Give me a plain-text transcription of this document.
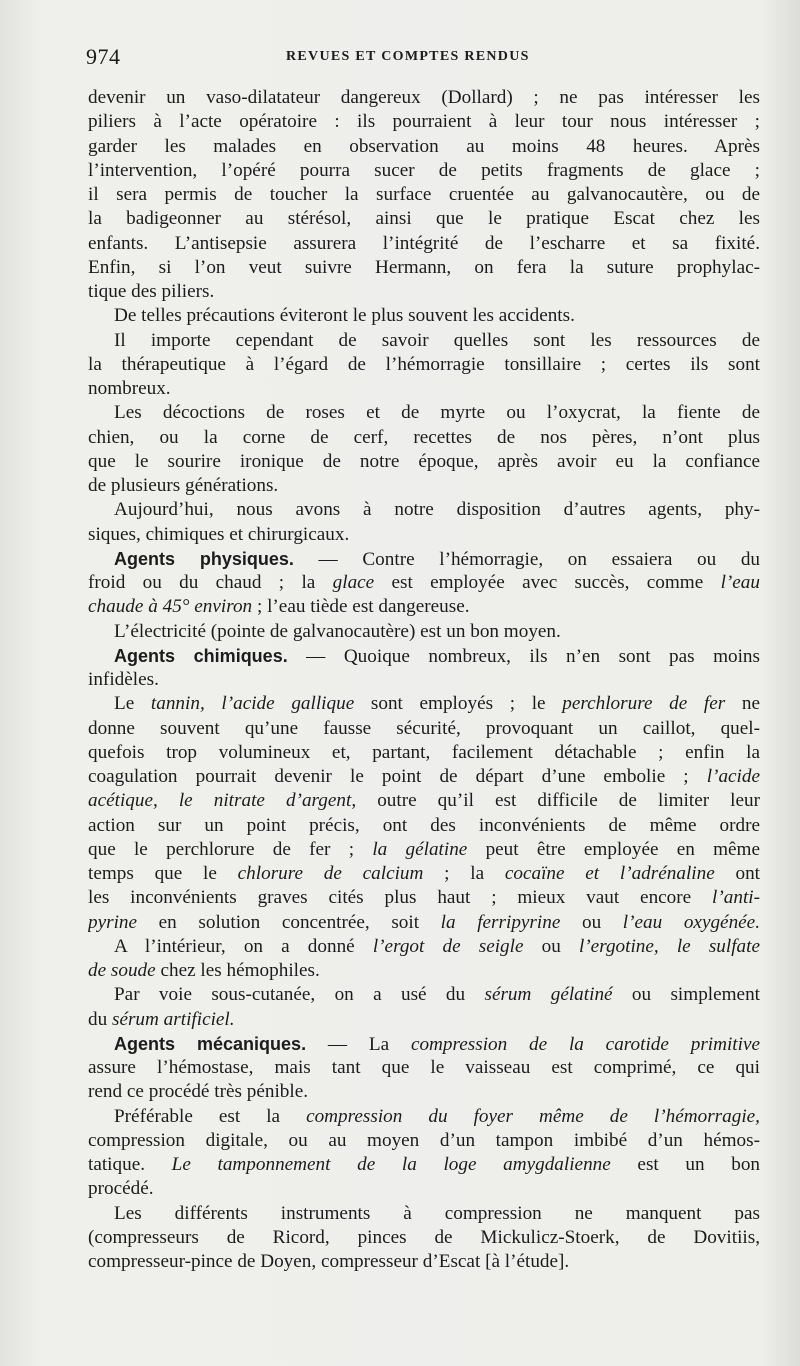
974	REVUES ET COMPTES RENDUS
devenir un vaso-dilatateur dangereux (Dollard) ; ne pas intéresser les
piliers à l’acte opératoire : ils pourraient à leur tour nous intéresser ;
garder les malades en observation au moins 48 heures. Après
l’intervention, l’opéré pourra sucer de petits fragments de glace ;
il sera permis de toucher la surface cruentée au galvanocautère, ou de
la badigeonner au stérésol, ainsi que le pratique Escat chez les
enfants. L’antisepsie assurera l’intégrité de l’escharre et sa fixité.
Enfin, si l’on veut suivre Hermann, on fera la suture prophylac-
tique des piliers.
De telles précautions éviteront le plus souvent les accidents.
Il importe cependant de savoir quelles sont les ressources de
la thérapeutique à l’égard de l’hémorragie tonsillaire ; certes ils sont
nombreux.
Les décoctions de roses et de myrte ou l’oxycrat, la fiente de
chien, ou la corne de cerf, recettes de nos pères, n’ont plus
que le sourire ironique de notre époque, après avoir eu la confiance
de plusieurs générations.
Aujourd’hui, nous avons à notre disposition d’autres agents, phy-
siques, chimiques et chirurgicaux.
Agents physiques. — Contre l’hémorragie, on essaiera ou du
froid ou du chaud ; la glace est employée avec succès, comme l’eau
chaude à 45° environ ; l’eau tiède est dangereuse.
L’électricité (pointe de galvanocautère) est un bon moyen.
Agents chimiques. — Quoique nombreux, ils n’en sont pas moins
infidèles.
Le tannin, l’acide gallique sont employés ; le perchlorure de fer ne
donne souvent qu’une fausse sécurité, provoquant un caillot, quel-
quefois trop volumineux et, partant, facilement détachable ; enfin la
coagulation pourrait devenir le point de départ d’une embolie ; l’acide
acétique, le nitrate d’argent, outre qu’il est difficile de limiter leur
action sur un point précis, ont des inconvénients de même ordre
que le perchlorure de fer ; la gélatine peut être employée en même
temps que le chlorure de calcium ; la cocaïne et l’adrénaline ont
les inconvénients graves cités plus haut ; mieux vaut encore l’anti-
pyrine en solution concentrée, soit la ferripyrine ou l’eau oxygénée.
A l’intérieur, on a donné l’ergot de seigle ou l’ergotine, le sulfate
de soude chez les hémophiles.
Par voie sous-cutanée, on a usé du sérum gélatiné ou simplement
du sérum artificiel.
Agents mécaniques. — La compression de la carotide primitive
assure l’hémostase, mais tant que le vaisseau est comprimé, ce qui
rend ce procédé très pénible.
Préférable est la compression du foyer même de l’hémorragie,
compression digitale, ou au moyen d’un tampon imbibé d’un hémos-
tatique. Le tamponnement de la loge amygdalienne est un bon
procédé.
Les différents instruments à compression ne manquent pas
(compresseurs de Ricord, pinces de Mickulicz-Stoerk, de Dovitiis,
compresseur-pince de Doyen, compresseur d’Escat [à l’étude].
